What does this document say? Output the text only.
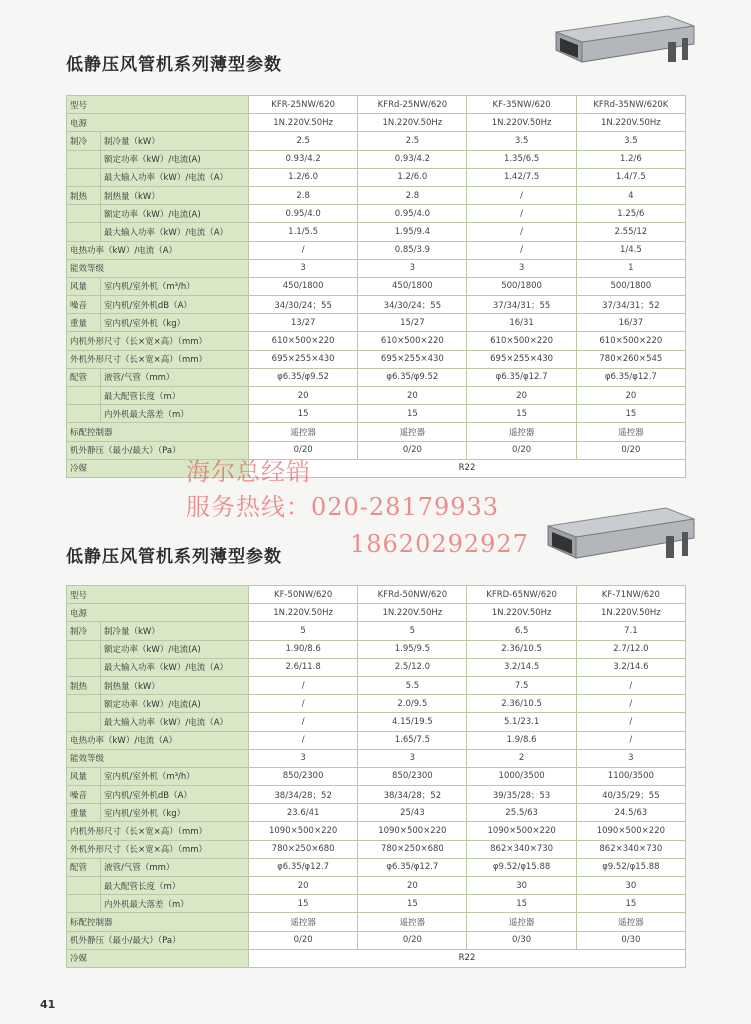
低静压风管机系列薄型参数
型号		KFR-25NW/620	KFRd-25NW/620	KF-35NW/620	KFRd-35NW/620K
电源		1N.220V.50Hz	1N.220V.50Hz	1N.220V.50Hz	1N.220V.50Hz
制冷	制冷量（kW）	2.5	2.5	3.5	3.5
	额定功率（kW）/电流(A)	0.93/4.2	0.93/4.2	1.35/6.5	1.2/6
	最大输入功率（kW）/电流（A）	1.2/6.0	1.2/6.0	1.42/7.5	1.4/7.5
制热	制热量（kW）	2.8	2.8	/	4
	额定功率（kW）/电流(A)	0.95/4.0	0.95/4.0	/	1.25/6
	最大输入功率（kW）/电流（A）	1.1/5.5	1.95/9.4	/	2.55/12
电热功率（kW）/电流（A）		/	0.85/3.9	/	1/4.5
能效等级		3	3	3	1
风量	室内机/室外机（m³/h）	450/1800	450/1800	500/1800	500/1800
噪音	室内机/室外机dB（A）	34/30/24；55	34/30/24；55	37/34/31；55	37/34/31；52
重量	室内机/室外机（kg）	13/27	15/27	16/31	16/37
内机外形尺寸（长×宽×高）（mm）		610×500×220	610×500×220	610×500×220	610×500×220
外机外形尺寸（长×宽×高）（mm）		695×255×430	695×255×430	695×255×430	780×260×545
配管	液管/气管（mm）	φ6.35/φ9.52	φ6.35/φ9.52	φ6.35/φ12.7	φ6.35/φ12.7
	最大配管长度（m）	20	20	20	20
	内外机最大落差（m）	15	15	15	15
标配控制器		遥控器	遥控器	遥控器	遥控器
机外静压（最小/最大）（Pa）		0/20	0/20	0/20	0/20
冷媒		R22			
低静压风管机系列薄型参数
型号		KF-50NW/620	KFRd-50NW/620	KFRD-65NW/620	KF-71NW/620
电源		1N.220V.50Hz	1N.220V.50Hz	1N.220V.50Hz	1N.220V.50Hz
制冷	制冷量（kW）	5	5	6.5	7.1
	额定功率（kW）/电流(A)	1.90/8.6	1.95/9.5	2.36/10.5	2.7/12.0
	最大输入功率（kW）/电流（A）	2.6/11.8	2.5/12.0	3.2/14.5	3.2/14.6
制热	制热量（kW）	/	5.5	7.5	/
	额定功率（kW）/电流(A)	/	2.0/9.5	2.36/10.5	/
	最大输入功率（kW）/电流（A）	/	4.15/19.5	5.1/23.1	/
电热功率（kW）/电流（A）		/	1.65/7.5	1.9/8.6	/
能效等级		3	3	2	3
风量	室内机/室外机（m³/h）	850/2300	850/2300	1000/3500	1100/3500
噪音	室内机/室外机dB（A）	38/34/28；52	38/34/28；52	39/35/28；53	40/35/29；55
重量	室内机/室外机（kg）	23.6/41	25/43	25.5/63	24.5/63
内机外形尺寸（长×宽×高）（mm）		1090×500×220	1090×500×220	1090×500×220	1090×500×220
外机外形尺寸（长×宽×高）（mm）		780×250×680	780×250×680	862×340×730	862×340×730
配管	液管/气管（mm）	φ6.35/φ12.7	φ6.35/φ12.7	φ9.52/φ15.88	φ9.52/φ15.88
	最大配管长度（m）	20	20	30	30
	内外机最大落差（m）	15	15	15	15
标配控制器		遥控器	遥控器	遥控器	遥控器
机外静压（最小/最大）（Pa）		0/20	0/20	0/30	0/30
冷媒		R22			
海尔总经销
服务热线：020-28179933
18620292927
41
